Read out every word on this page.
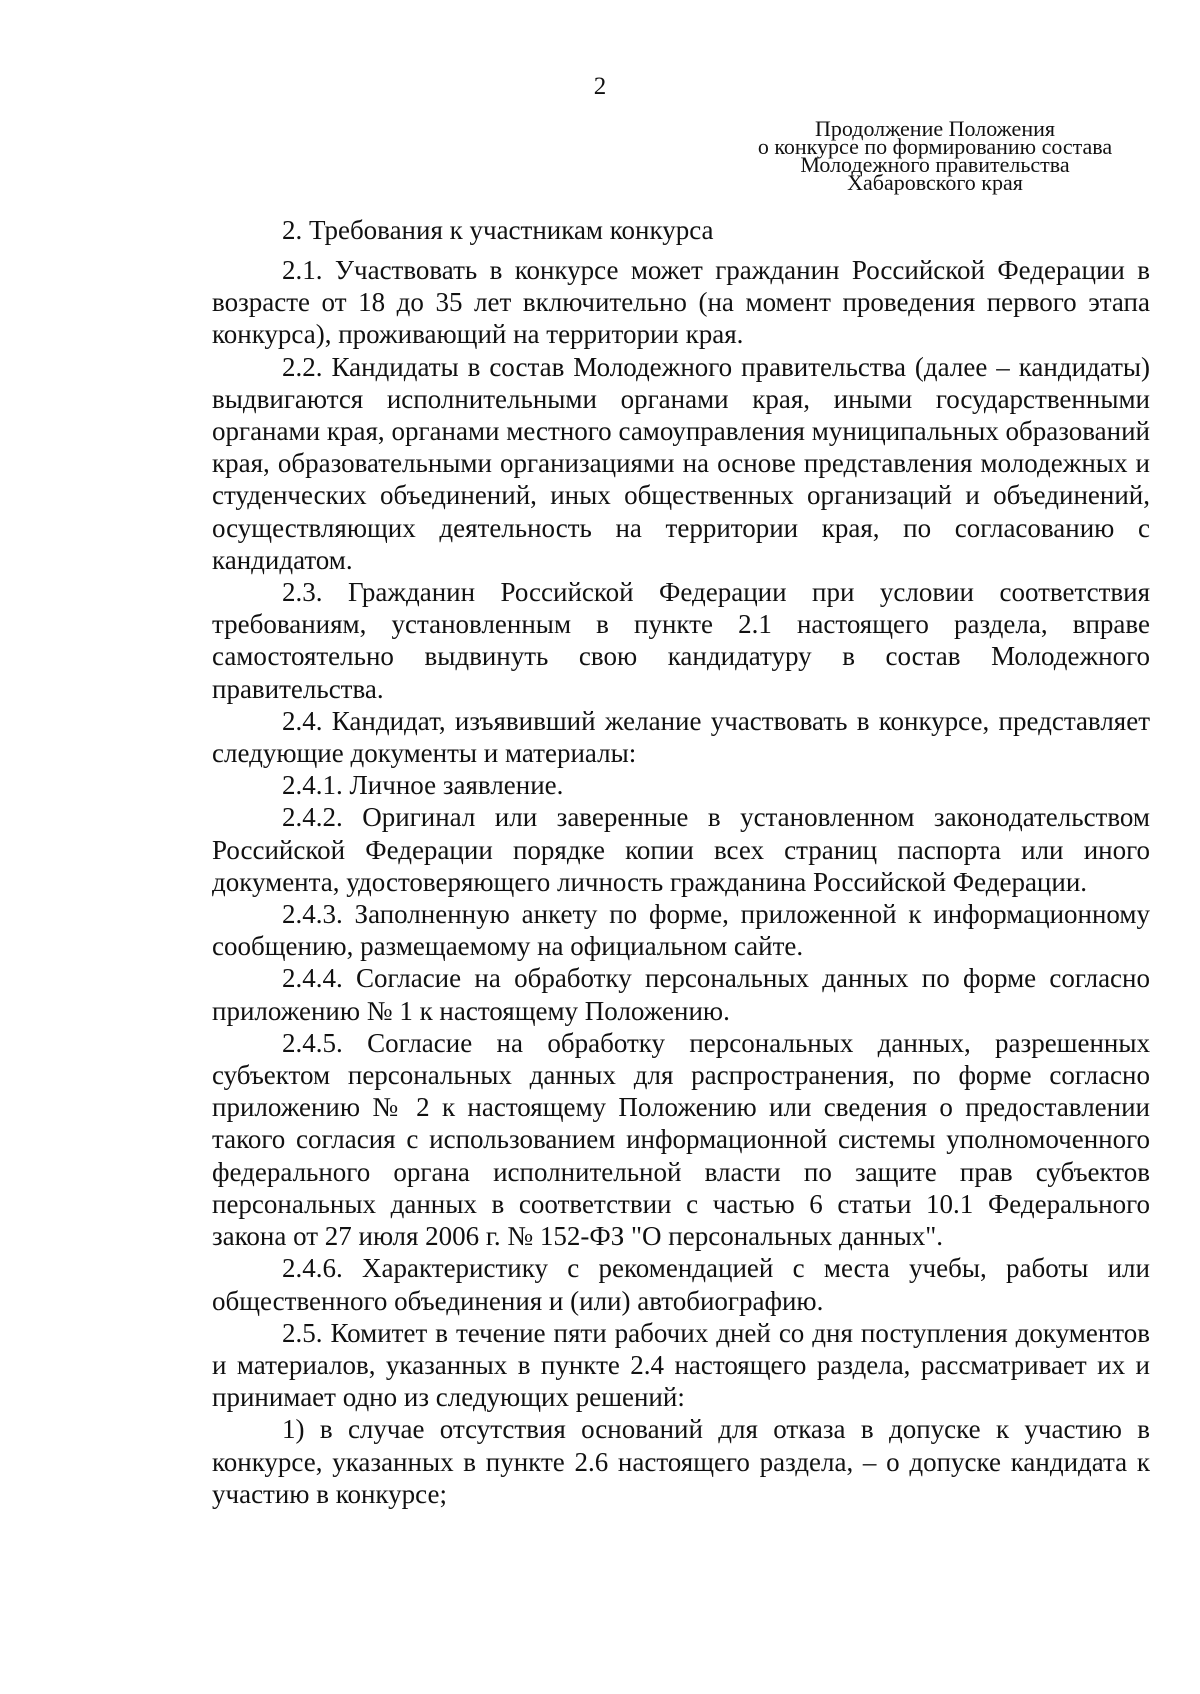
2
Продолжение Положения
о конкурсе по формированию состава
Молодежного правительства
Хабаровского края
2. Требования к участникам конкурса

2.1. Участвовать в конкурсе может гражданин Российской Федерации в возрасте от 18 до 35 лет включительно (на момент проведения первого этапа конкурса), проживающий на территории края.

2.2. Кандидаты в состав Молодежного правительства (далее – кандидаты) выдвигаются исполнительными органами края, иными государственными органами края, органами местного самоуправления муниципальных образований края, образовательными организациями на основе представления молодежных и студенческих объединений, иных общественных организаций и объединений, осуществляющих деятельность на территории края, по согласованию с кандидатом.

2.3. Гражданин Российской Федерации при условии соответствия требованиям, установленным в пункте 2.1 настоящего раздела, вправе самостоятельно выдвинуть свою кандидатуру в состав Молодежного правительства.

2.4. Кандидат, изъявивший желание участвовать в конкурсе, представляет следующие документы и материалы:

2.4.1. Личное заявление.

2.4.2. Оригинал или заверенные в установленном законодательством Российской Федерации порядке копии всех страниц паспорта или иного документа, удостоверяющего личность гражданина Российской Федерации.

2.4.3. Заполненную анкету по форме, приложенной к информационному сообщению, размещаемому на официальном сайте.

2.4.4. Согласие на обработку персональных данных по форме согласно приложению № 1 к настоящему Положению.

2.4.5. Согласие на обработку персональных данных, разрешенных субъектом персональных данных для распространения, по форме согласно приложению № 2 к настоящему Положению или сведения о предоставлении такого согласия с использованием информационной системы уполномоченного федерального органа исполнительной власти по защите прав субъектов персональных данных в соответствии с частью 6 статьи 10.1 Федерального закона от 27 июля 2006 г. № 152-ФЗ "О персональных данных".

2.4.6. Характеристику с рекомендацией с места учебы, работы или общественного объединения и (или) автобиографию.

2.5. Комитет в течение пяти рабочих дней со дня поступления документов и материалов, указанных в пункте 2.4 настоящего раздела, рассматривает их и принимает одно из следующих решений:

1) в случае отсутствия оснований для отказа в допуске к участию в конкурсе, указанных в пункте 2.6 настоящего раздела, – о допуске кандидата к участию в конкурсе;
